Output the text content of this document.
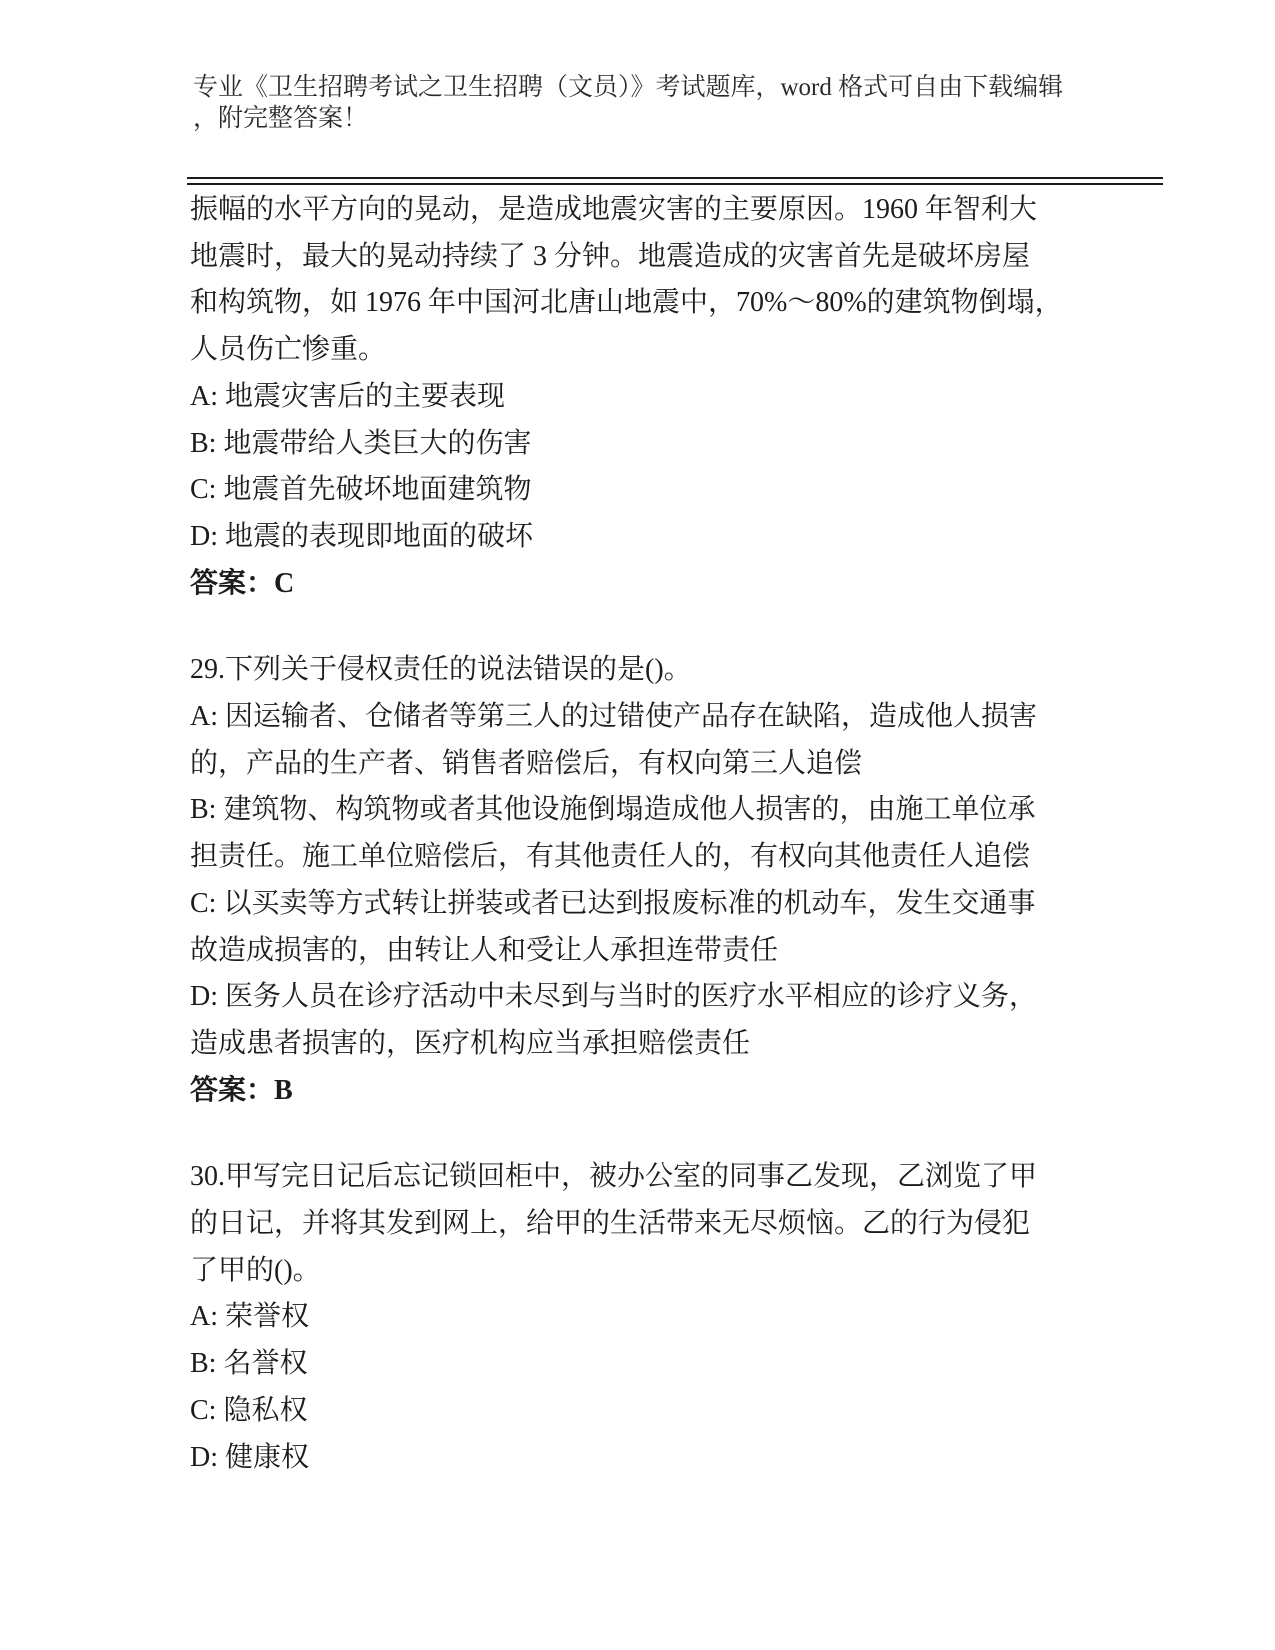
专业《卫生招聘考试之卫生招聘（文员）》考试题库，word 格式可自由下载编辑
，附完整答案！
振幅的水平方向的晃动，是造成地震灾害的主要原因。1960 年智利大
地震时，最大的晃动持续了 3 分钟。地震造成的灾害首先是破坏房屋
和构筑物，如 1976 年中国河北唐山地震中，70%～80%的建筑物倒塌，
人员伤亡惨重。
A: 地震灾害后的主要表现
B: 地震带给人类巨大的伤害
C: 地震首先破坏地面建筑物
D: 地震的表现即地面的破坏
答案：C
29.下列关于侵权责任的说法错误的是()。
A: 因运输者、仓储者等第三人的过错使产品存在缺陷，造成他人损害
的，产品的生产者、销售者赔偿后，有权向第三人追偿
B: 建筑物、构筑物或者其他设施倒塌造成他人损害的，由施工单位承
担责任。施工单位赔偿后，有其他责任人的，有权向其他责任人追偿
C: 以买卖等方式转让拼装或者已达到报废标准的机动车，发生交通事
故造成损害的，由转让人和受让人承担连带责任
D: 医务人员在诊疗活动中未尽到与当时的医疗水平相应的诊疗义务，
造成患者损害的，医疗机构应当承担赔偿责任
答案：B
30.甲写完日记后忘记锁回柜中，被办公室的同事乙发现，乙浏览了甲
的日记，并将其发到网上，给甲的生活带来无尽烦恼。乙的行为侵犯
了甲的()。
A: 荣誉权
B: 名誉权
C: 隐私权
D: 健康权
